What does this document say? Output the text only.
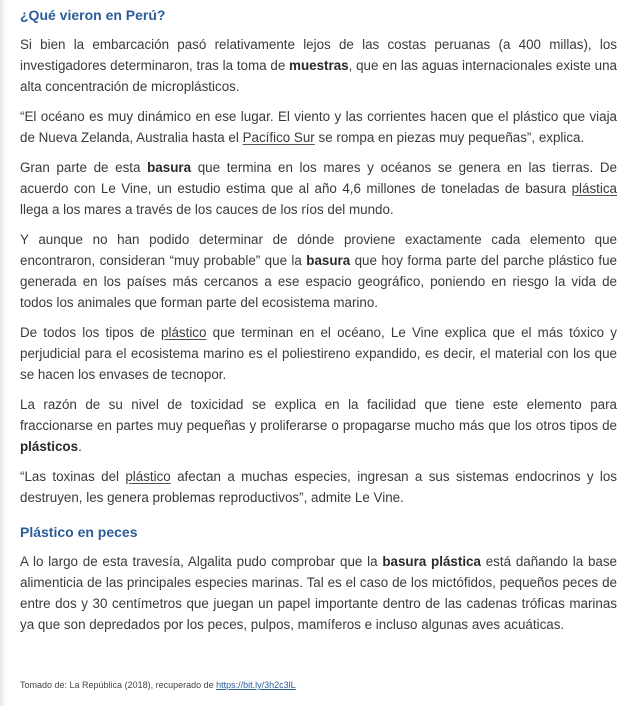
¿Qué vieron en Perú?

Si bien la embarcación pasó relativamente lejos de las costas peruanas (a 400 millas), los investigadores determinaron, tras la toma de muestras, que en las aguas internacionales existe una alta concentración de microplásticos.

“El océano es muy dinámico en ese lugar. El viento y las corrientes hacen que el plástico que viaja de Nueva Zelanda, Australia hasta el Pacífico Sur se rompa en piezas muy pequeñas”, explica.

Gran parte de esta basura que termina en los mares y océanos se genera en las tierras. De acuerdo con Le Vine, un estudio estima que al año 4,6 millones de toneladas de basura plástica llega a los mares a través de los cauces de los ríos del mundo.

Y aunque no han podido determinar de dónde proviene exactamente cada elemento que encontraron, consideran “muy probable” que la basura que hoy forma parte del parche plástico fue generada en los países más cercanos a ese espacio geográfico, poniendo en riesgo la vida de todos los animales que forman parte del ecosistema marino.

De todos los tipos de plástico que terminan en el océano, Le Vine explica que el más tóxico y perjudicial para el ecosistema marino es el poliestireno expandido, es decir, el material con los que se hacen los envases de tecnopor.

La razón de su nivel de toxicidad se explica en la facilidad que tiene este elemento para fraccionarse en partes muy pequeñas y proliferarse o propagarse mucho más que los otros tipos de plásticos.

“Las toxinas del plástico afectan a muchas especies, ingresan a sus sistemas endocrinos y los destruyen, les genera problemas reproductivos”, admite Le Vine.

Plástico en peces

A lo largo de esta travesía, Algalita pudo comprobar que la basura plástica está dañando la base alimenticia de las principales especies marinas. Tal es el caso de los mictófidos, pequeños peces de entre dos y 30 centímetros que juegan un papel importante dentro de las cadenas tróficas marinas ya que son depredados por los peces, pulpos, mamíferos e incluso algunas aves acuáticas.

Tomado de: La República (2018), recuperado de https://bit.ly/3h2c3lL
